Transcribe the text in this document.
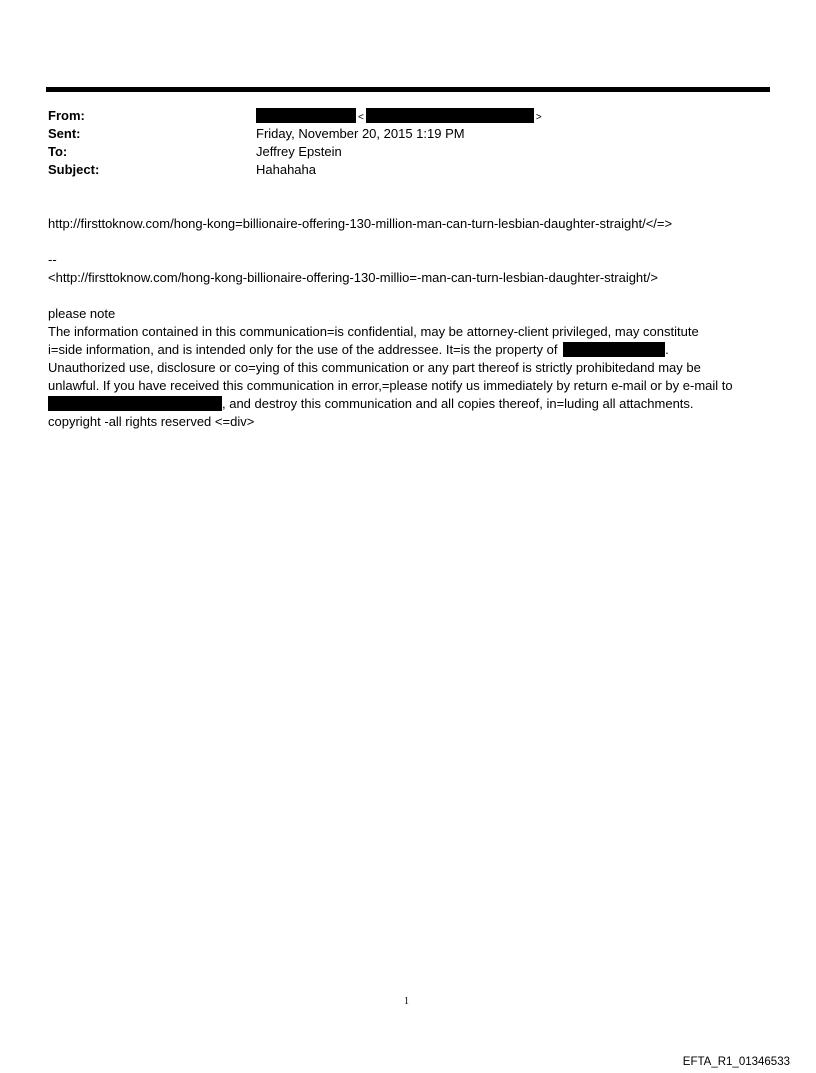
From:	<	>
Sent:	Friday, November 20, 2015 1:19 PM
To:	Jeffrey Epstein
Subject:	Hahahaha
http://firsttoknow.com/hong-kong=billionaire-offering-130-million-man-can-turn-lesbian-daughter-straight/</=>
--
<http://firsttoknow.com/hong-kong-billionaire-offering-130-millio=-man-can-turn-lesbian-daughter-straight/>
please note
The information contained in this communication=is confidential, may be attorney-client privileged, may constitute
i=side information, and is intended only for the use of the addressee. It=is the property of	.
Unauthorized use, disclosure or co=ying of this communication or any part thereof is strictly prohibitedand may be
unlawful. If you have received this communication in error,=please notify us immediately by return e-mail or by e-mail to
, and destroy this communication and all copies thereof, in=luding all attachments.
copyright -all rights reserved <=div>
1
EFTA_R1_01346533
